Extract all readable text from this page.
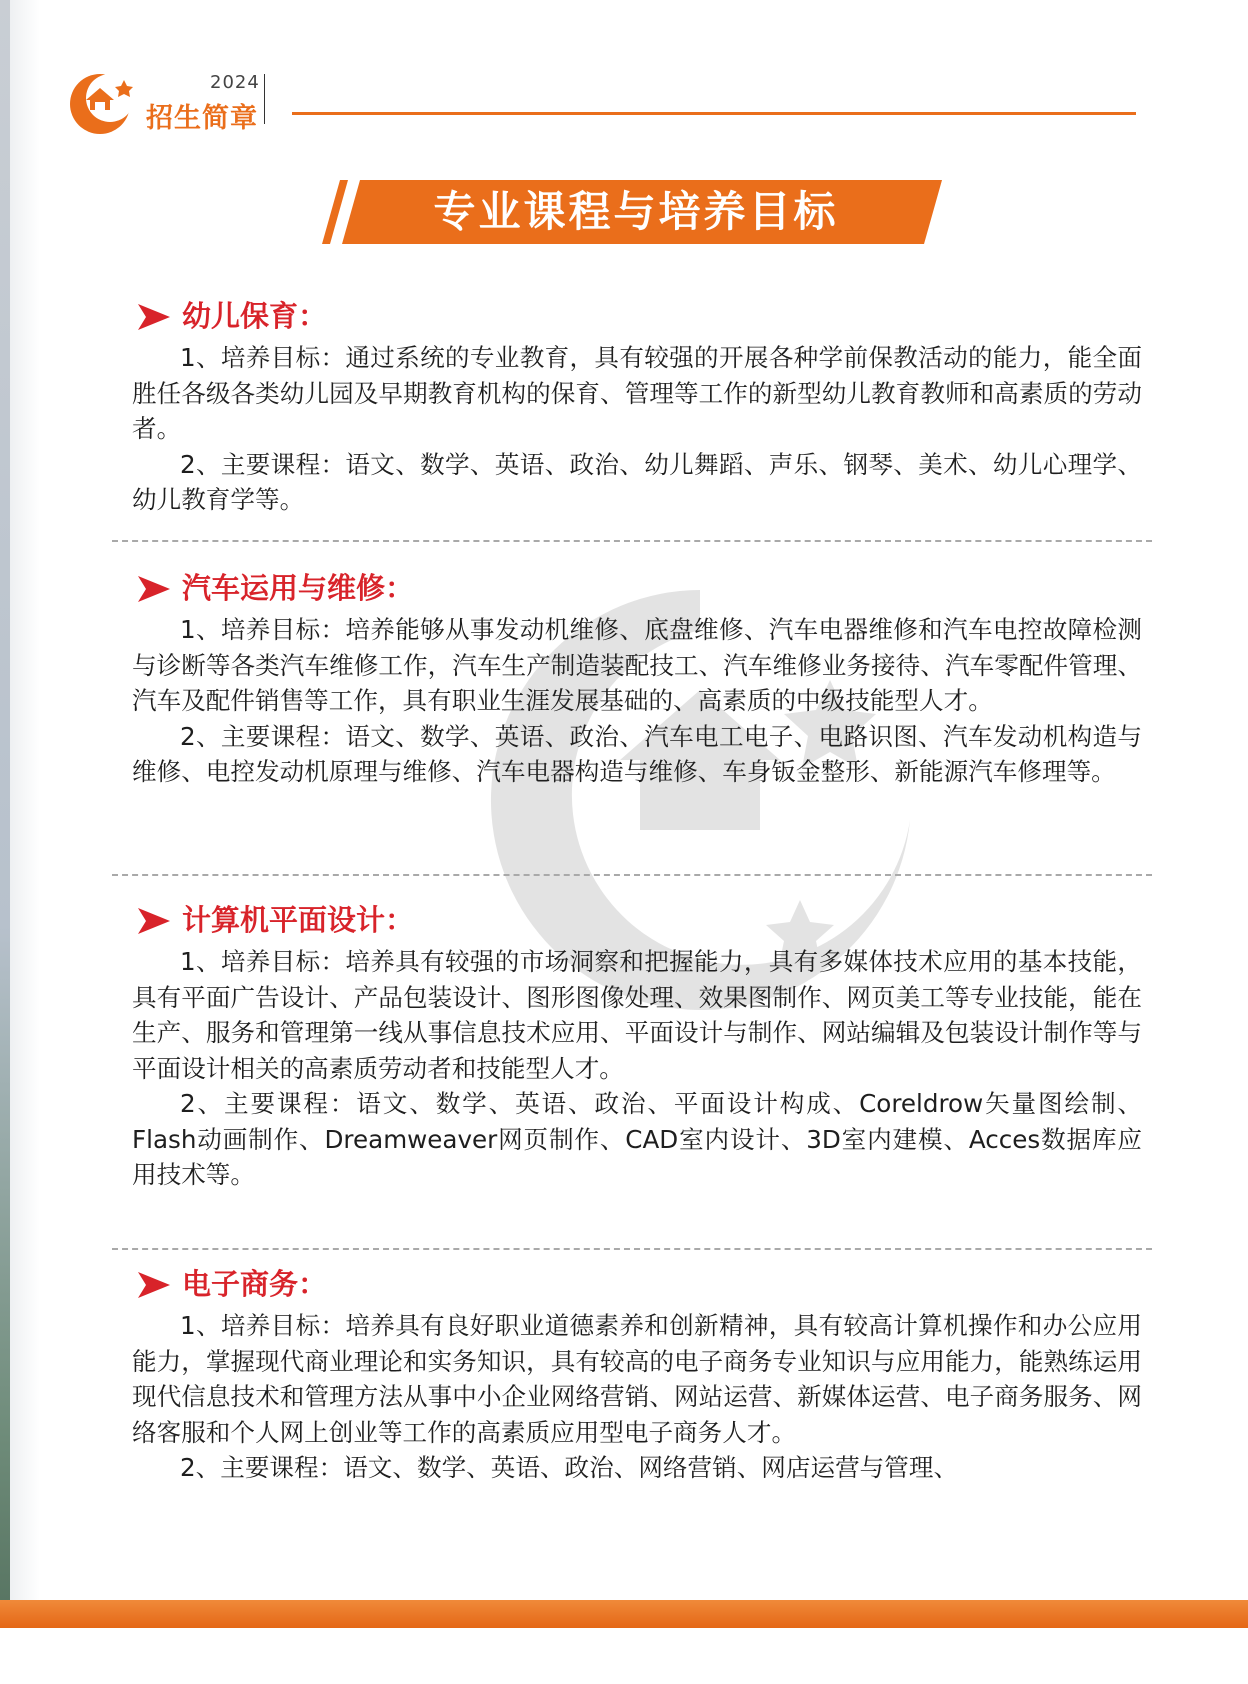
2024
招生简章
专业课程与培养目标
幼儿保育：

1、培养目标：通过系统的专业教育，具有较强的开展各种学前保教活动的能力，能全面胜任各级各类幼儿园及早期教育机构的保育、管理等工作的新型幼儿教育教师和高素质的劳动者。

2、主要课程：语文、数学、英语、政治、幼儿舞蹈、声乐、钢琴、美术、幼儿心理学、幼儿教育学等。

汽车运用与维修：

1、培养目标：培养能够从事发动机维修、底盘维修、汽车电器维修和汽车电控故障检测与诊断等各类汽车维修工作，汽车生产制造装配技工、汽车维修业务接待、汽车零配件管理、汽车及配件销售等工作，具有职业生涯发展基础的、高素质的中级技能型人才。

2、主要课程：语文、数学、英语、政治、汽车电工电子、电路识图、汽车发动机构造与维修、电控发动机原理与维修、汽车电器构造与维修、车身钣金整形、新能源汽车修理等。

计算机平面设计：

1、培养目标：培养具有较强的市场洞察和把握能力，具有多媒体技术应用的基本技能，具有平面广告设计、产品包装设计、图形图像处理、效果图制作、网页美工等专业技能，能在生产、服务和管理第一线从事信息技术应用、平面设计与制作、网站编辑及包装设计制作等与平面设计相关的高素质劳动者和技能型人才。

2、主要课程：语文、数学、英语、政治、平面设计构成、Coreldrow矢量图绘制、Flash动画制作、Dreamweaver网页制作、CAD室内设计、3D室内建模、Acces数据库应用技术等。

电子商务：

1、培养目标：培养具有良好职业道德素养和创新精神，具有较高计算机操作和办公应用能力，掌握现代商业理论和实务知识，具有较高的电子商务专业知识与应用能力，能熟练运用现代信息技术和管理方法从事中小企业网络营销、网站运营、新媒体运营、电子商务服务、网络客服和个人网上创业等工作的高素质应用型电子商务人才。

2、主要课程：语文、数学、英语、政治、网络营销、网店运营与管理、
